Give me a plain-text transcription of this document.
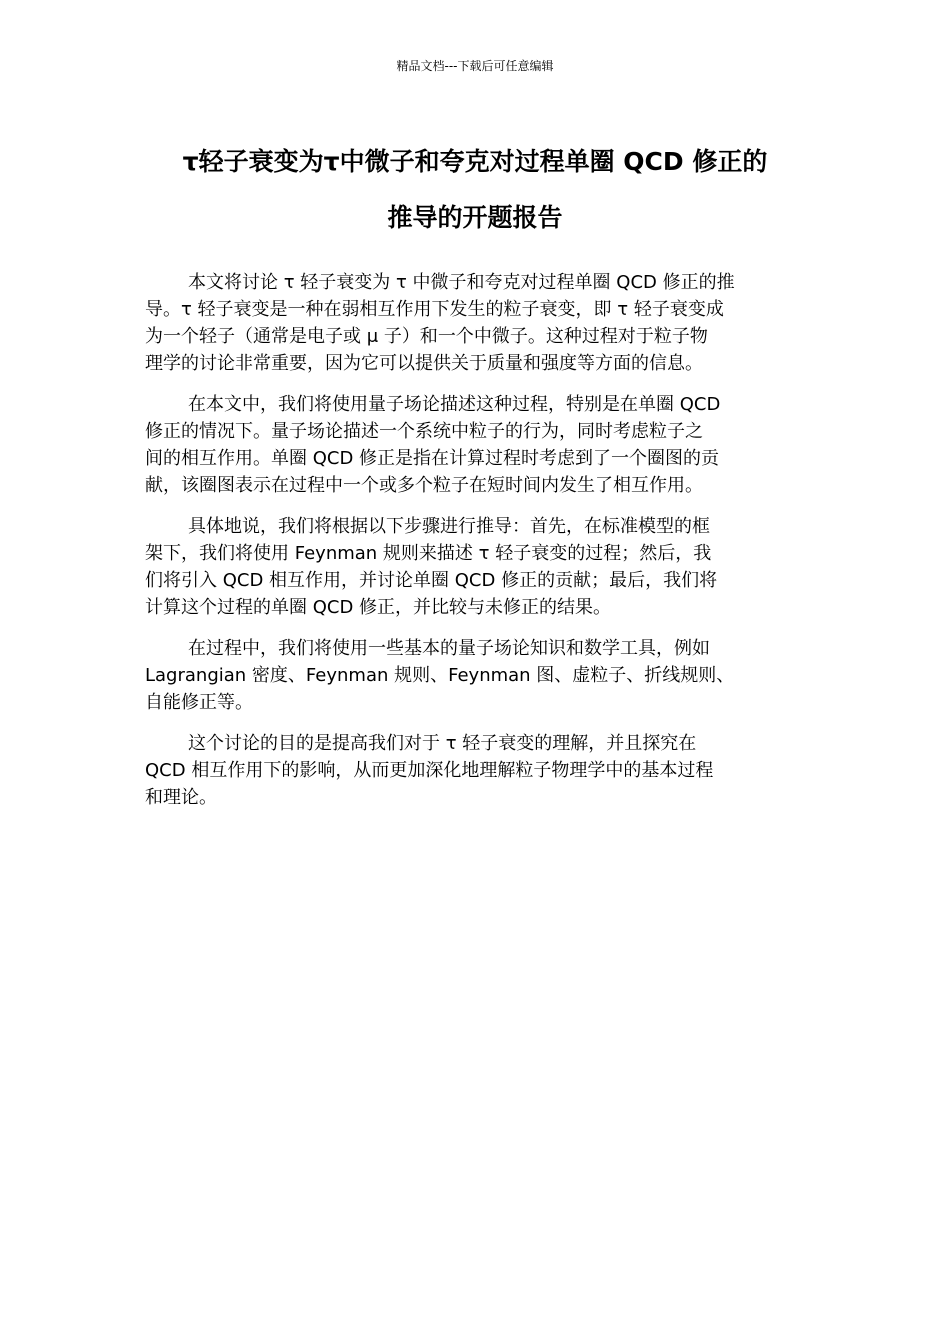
精品文档---下载后可任意编辑
τ轻子衰变为τ中微子和夸克对过程单圈 QCD 修正的
推导的开题报告

本文将讨论 τ 轻子衰变为 τ 中微子和夸克对过程单圈 QCD 修正的推
导。τ 轻子衰变是一种在弱相互作用下发生的粒子衰变，即 τ 轻子衰变成
为一个轻子（通常是电子或 μ 子）和一个中微子。这种过程对于粒子物
理学的讨论非常重要，因为它可以提供关于质量和强度等方面的信息。

在本文中，我们将使用量子场论描述这种过程，特别是在单圈 QCD
修正的情况下。量子场论描述一个系统中粒子的行为，同时考虑粒子之
间的相互作用。单圈 QCD 修正是指在计算过程时考虑到了一个圈图的贡
献，该圈图表示在过程中一个或多个粒子在短时间内发生了相互作用。

具体地说，我们将根据以下步骤进行推导：首先，在标准模型的框
架下，我们将使用 Feynman 规则来描述 τ 轻子衰变的过程；然后，我
们将引入 QCD 相互作用，并讨论单圈 QCD 修正的贡献；最后，我们将
计算这个过程的单圈 QCD 修正，并比较与未修正的结果。

在过程中，我们将使用一些基本的量子场论知识和数学工具，例如
Lagrangian 密度、Feynman 规则、Feynman 图、虚粒子、折线规则、
自能修正等。

这个讨论的目的是提高我们对于 τ 轻子衰变的理解，并且探究在
QCD 相互作用下的影响，从而更加深化地理解粒子物理学中的基本过程
和理论。
